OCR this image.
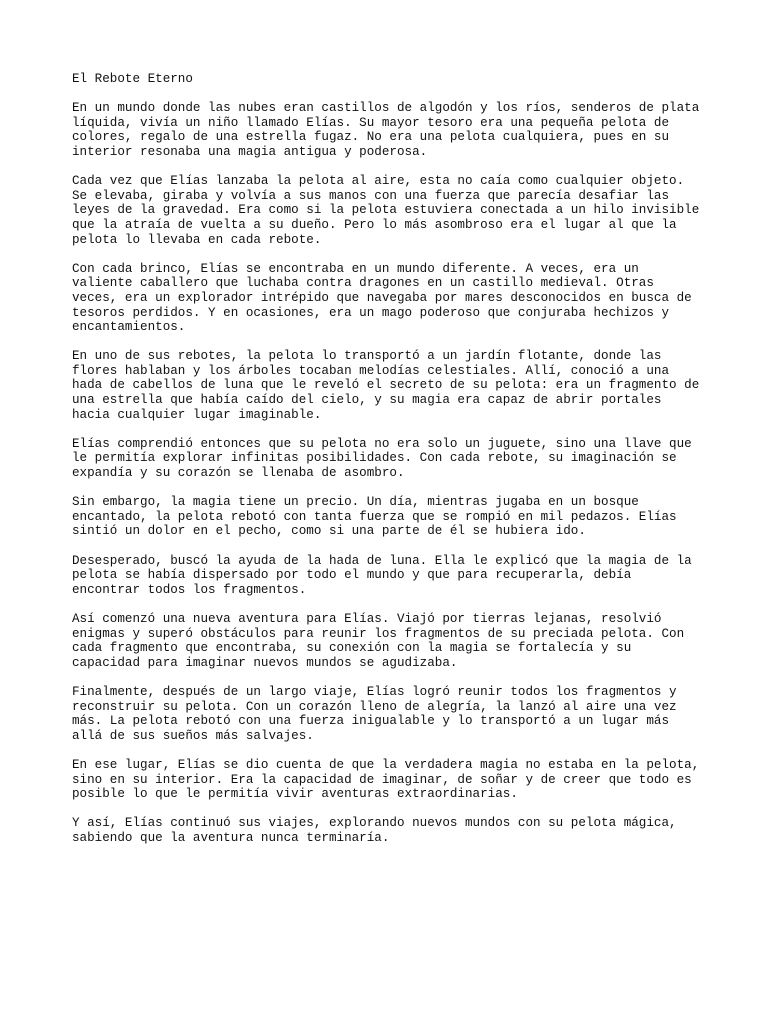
El Rebote Eterno
En un mundo donde las nubes eran castillos de algodón y los ríos, senderos de plata
líquida, vivía un niño llamado Elías. Su mayor tesoro era una pequeña pelota de
colores, regalo de una estrella fugaz. No era una pelota cualquiera, pues en su
interior resonaba una magia antigua y poderosa.
Cada vez que Elías lanzaba la pelota al aire, esta no caía como cualquier objeto.
Se elevaba, giraba y volvía a sus manos con una fuerza que parecía desafiar las
leyes de la gravedad. Era como si la pelota estuviera conectada a un hilo invisible
que la atraía de vuelta a su dueño. Pero lo más asombroso era el lugar al que la
pelota lo llevaba en cada rebote.
Con cada brinco, Elías se encontraba en un mundo diferente. A veces, era un
valiente caballero que luchaba contra dragones en un castillo medieval. Otras
veces, era un explorador intrépido que navegaba por mares desconocidos en busca de
tesoros perdidos. Y en ocasiones, era un mago poderoso que conjuraba hechizos y
encantamientos.
En uno de sus rebotes, la pelota lo transportó a un jardín flotante, donde las
flores hablaban y los árboles tocaban melodías celestiales. Allí, conoció a una
hada de cabellos de luna que le reveló el secreto de su pelota: era un fragmento de
una estrella que había caído del cielo, y su magia era capaz de abrir portales
hacia cualquier lugar imaginable.
Elías comprendió entonces que su pelota no era solo un juguete, sino una llave que
le permitía explorar infinitas posibilidades. Con cada rebote, su imaginación se
expandía y su corazón se llenaba de asombro.
Sin embargo, la magia tiene un precio. Un día, mientras jugaba en un bosque
encantado, la pelota rebotó con tanta fuerza que se rompió en mil pedazos. Elías
sintió un dolor en el pecho, como si una parte de él se hubiera ido.
Desesperado, buscó la ayuda de la hada de luna. Ella le explicó que la magia de la
pelota se había dispersado por todo el mundo y que para recuperarla, debía
encontrar todos los fragmentos.
Así comenzó una nueva aventura para Elías. Viajó por tierras lejanas, resolvió
enigmas y superó obstáculos para reunir los fragmentos de su preciada pelota. Con
cada fragmento que encontraba, su conexión con la magia se fortalecía y su
capacidad para imaginar nuevos mundos se agudizaba.
Finalmente, después de un largo viaje, Elías logró reunir todos los fragmentos y
reconstruir su pelota. Con un corazón lleno de alegría, la lanzó al aire una vez
más. La pelota rebotó con una fuerza inigualable y lo transportó a un lugar más
allá de sus sueños más salvajes.
En ese lugar, Elías se dio cuenta de que la verdadera magia no estaba en la pelota,
sino en su interior. Era la capacidad de imaginar, de soñar y de creer que todo es
posible lo que le permitía vivir aventuras extraordinarias.
Y así, Elías continuó sus viajes, explorando nuevos mundos con su pelota mágica,
sabiendo que la aventura nunca terminaría.
